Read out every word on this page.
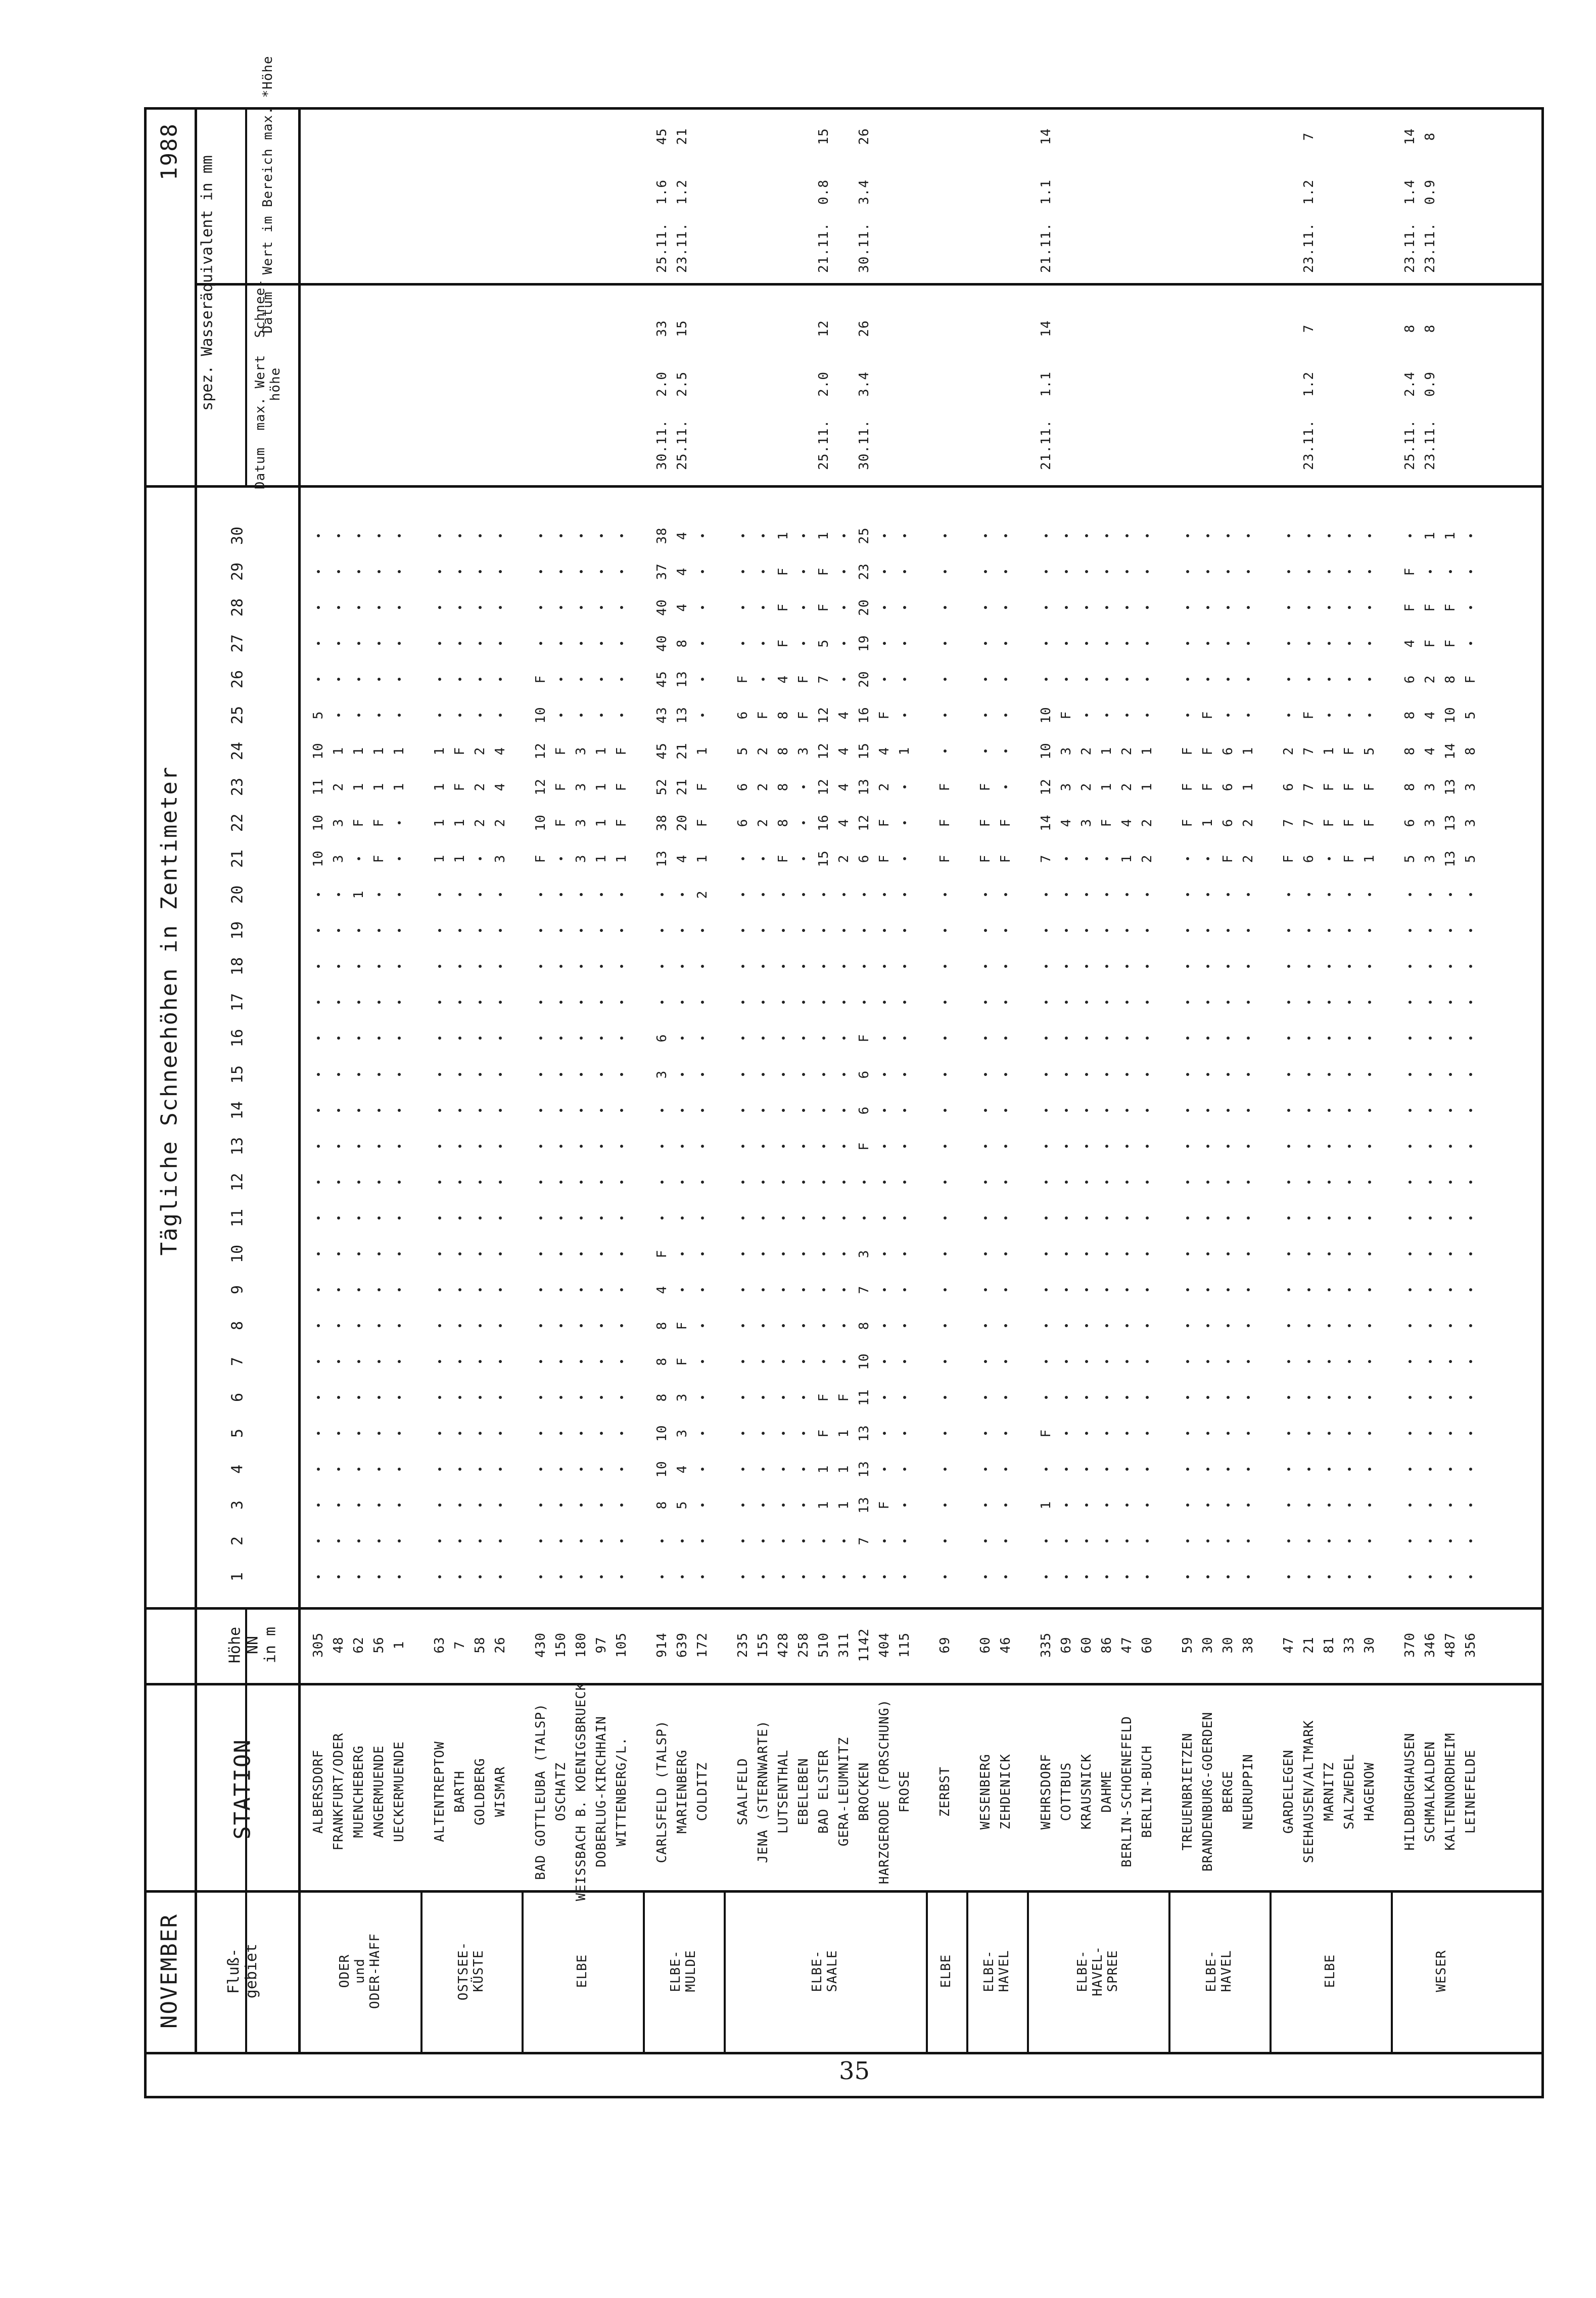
NOVEMBER
1988
Tägliche Schneehöhen in Zentimeter
spez. Wasseräquivalent in mm
Fluß-
gebiet
STATION
Höhe
NN
in m
Datum  max. Wert  Schnee-
höhe
Datum  Wert im Bereich max. *Höhe
1
2
3
4
5
6
7
8
9
10
11
12
13
14
15
16
17
18
19
20
21
22
23
24
25
26
27
28
29
30
ALBERSDORF
305
10
10
11
10
5
FRANKFURT/ODER
48
3
3
2
1
MUENCHEBERG
62
1
F
1
1
ANGERMUENDE
56
F
F
1
1
UECKERMUENDE
1
1
1
ODER
und
ODER-HAFF
ALTENTREPTOW
63
1
1
1
1
BARTH
7
1
1
F
F
GOLDBERG
58
2
2
2
WISMAR
26
3
2
4
4
OSTSEE-
KÜSTE
BAD GOTTLEUBA (TALSP)
430
F
10
12
12
10
F
OSCHATZ
150
F
F
F
WEISSBACH B. KOENIGSBRUECK
180
3
3
3
3
DOBERLUG-KIRCHHAIN
97
1
1
1
1
WITTENBERG/L.
105
1
F
F
F
ELBE
CARLSFELD (TALSP)
914
8
10
10
8
8
8
4
F
3
6
13
38
52
45
43
45
40
40
37
38
30.11.
2.0
33
25.11.
1.6
45
MARIENBERG
639
5
4
3
3
F
F
4
20
21
21
13
13
8
4
4
4
25.11.
2.5
15
23.11.
1.2
21
COLDITZ
172
2
1
F
F
1
ELBE-
MULDE
SAALFELD
235
6
6
5
6
F
JENA (STERNWARTE)
155
2
2
2
F
LUTSENTHAL
428
F
8
8
8
8
4
F
F
F
1
EBELEBEN
258
3
F
F
BAD ELSTER
510
1
1
F
F
15
16
12
12
12
7
5
F
F
1
25.11.
2.0
12
21.11.
0.8
15
GERA-LEUMNITZ
311
1
1
1
F
2
4
4
4
4
BROCKEN
1142
7
13
13
13
11
10
8
7
3
F
6
6
F
6
12
13
15
16
20
19
20
23
25
30.11.
3.4
26
30.11.
3.4
26
HARZGERODE (FORSCHUNG)
404
F
F
F
2
4
F
FROSE
115
1
ELBE-
SAALE
ZERBST
69
F
F
F
ELBE
WESENBERG
60
F
F
F
ZEHDENICK
46
F
F
ELBE-
HAVEL
WEHRSDORF
335
1
F
7
14
12
10
10
21.11.
1.1
14
21.11.
1.1
14
COTTBUS
69
4
3
3
F
KRAUSNICK
60
3
2
2
DAHME
86
F
1
1
BERLIN-SCHOENEFELD
47
1
4
2
2
BERLIN-BUCH
60
2
2
1
1
ELBE-
HAVEL-
SPREE
TREUENBRIETZEN
59
F
F
F
BRANDENBURG-GOERDEN
30
1
F
F
F
BERGE
30
F
6
6
6
NEURUPPIN
38
2
2
1
1
ELBE-
HAVEL
GARDELEGEN
47
F
7
6
2
SEEHAUSEN/ALTMARK
21
6
7
7
7
F
23.11.
1.2
7
23.11.
1.2
7
MARNITZ
81
F
F
1
SALZWEDEL
33
F
F
F
F
HAGENOW
30
1
F
F
5
ELBE
HILDBURGHAUSEN
370
5
6
8
8
8
6
4
F
F
25.11.
2.4
8
23.11.
1.4
14
SCHMALKALDEN
346
3
3
3
4
4
2
F
F
1
23.11.
0.9
8
23.11.
0.9
8
KALTENNORDHEIM
487
13
13
13
14
10
8
F
F
1
LEINEFELDE
356
5
3
3
8
5
F
WESER
35
